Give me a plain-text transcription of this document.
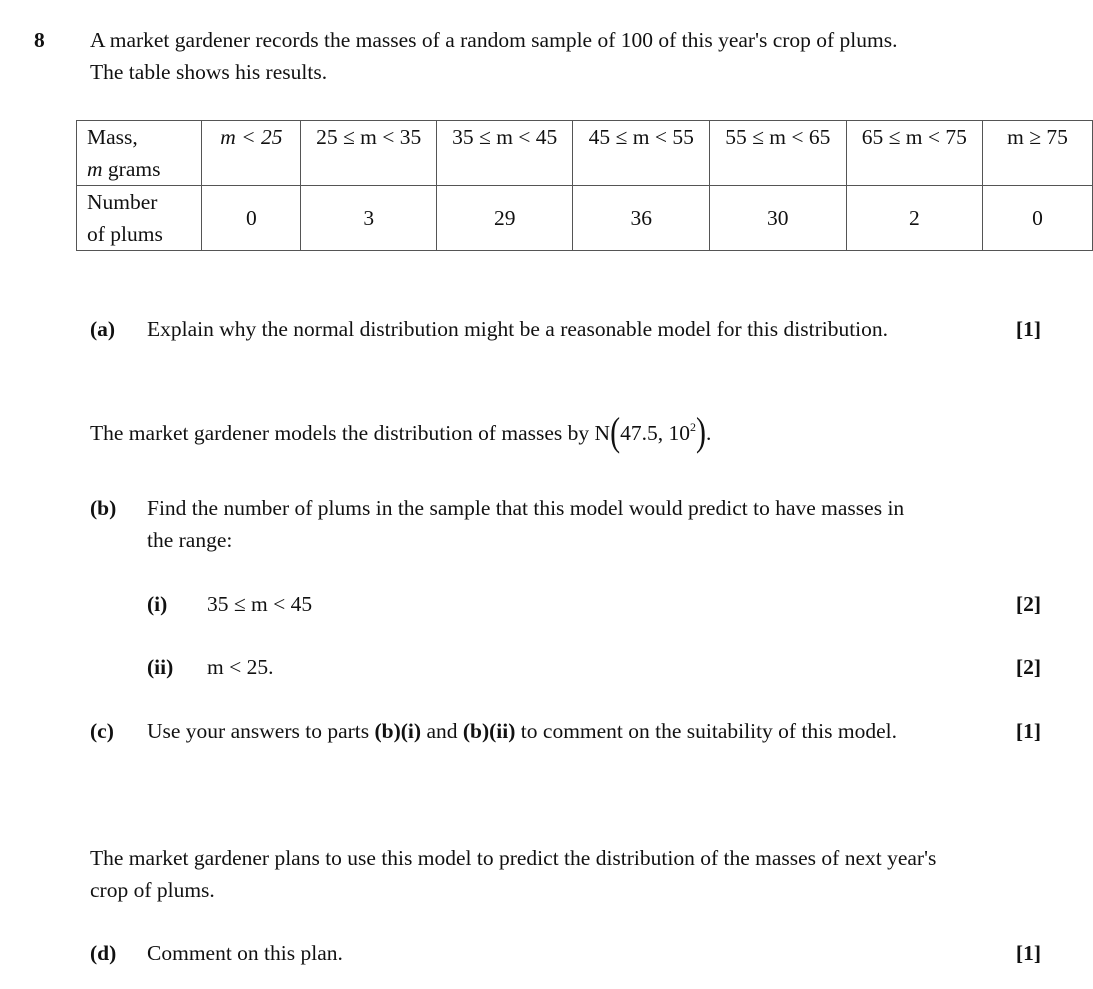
8 A market gardener records the masses of a random sample of 100 of this year's crop of plums.
The table shows his results.
Mass,
m grams	m < 25	25 ≤ m < 35	35 ≤ m < 45	45 ≤ m < 55	55 ≤ m < 65	65 ≤ m < 75	m ≥ 75
Number
of plums	0	3	29	36	30	2	0
(a) Explain why the normal distribution might be a reasonable model for this distribution.	[1]
The market gardener models the distribution of masses by N(47.5, $10^2$).
(b) Find the number of plums in the sample that this model would predict to have masses in
the range:
(i) 35 ≤ m < 45	[2]
(ii) m < 25.	[2]
(c) Use your answers to parts (b)(i) and (b)(ii) to comment on the suitability of this model.	[1]
The market gardener plans to use this model to predict the distribution of the masses of next year's
crop of plums.
(d) Comment on this plan.	[1]
